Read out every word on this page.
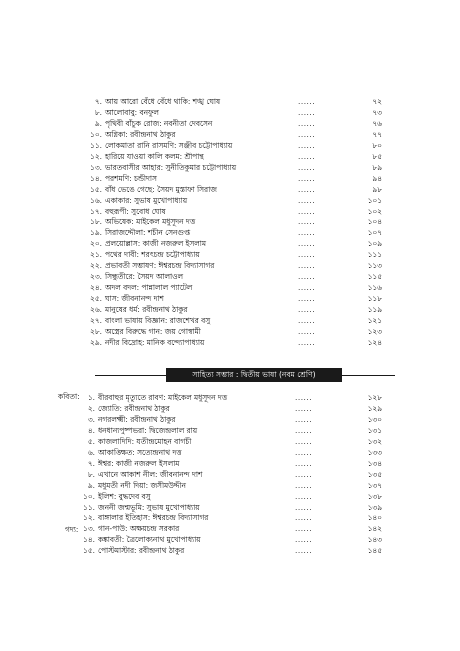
৭. আয় আরো বেঁধে বেঁধে থাকি: শঙ্খ ঘোষ	......	৭২
৮. আলোবাবু: বনফুল	......	৭৩
৯. পৃথিবী বাঁচুক রোজ: নবনীতা দেবসেন	......	৭৬
১০. অগ্নিকা: রবীন্দ্রনাথ ঠাকুর	......	৭৭
১১. লোকমাতা রানি রাসমণি: সঞ্জীব চট্টোপাধ্যায়	......	৮০
১২. হারিয়ে যাওয়া কালি কলম: শ্রীপান্থ	......	৮৫
১৩. ভারতবাসীর আহার: সুনীতিকুমার চট্টোপাধ্যায়	......	৮৯
১৪. পরশমণি: চন্ডীদাস	......	৯৪
১৫. বাঁধ ভেঙে গেছে: সৈয়দ মুস্তাফা সিরাজ	......	৯৮
১৬. একাকার: সুভাষ মুখোপাধ্যায়	......	১০১
১৭. বহুরূপী: সুবোধ ঘোষ	......	১০২
১৮. অভিষেক: মাইকেল মধুসূদন দত্ত	......	১০৪
১৯. সিরাজদ্দৌলা: শচীন সেনগুপ্ত	......	১০৭
২০. প্রলয়োল্লাস: কাজী নজরুল ইসলাম	......	১০৯
২১. পথের দাবী: শরৎচন্দ্র চট্টোপাধ্যায়	......	১১১
২২. প্রভাবতী সম্ভাষণ: ঈশ্বরচন্দ্র বিদ্যাসাগর	......	১১৩
২৩. সিন্ধুতীরে: সৈয়দ আলাওল	......	১১৫
২৪. অদল বদল: পান্নালাল প্যাটেল	......	১১৬
২৫. ঘাস: জীবনানন্দ দাশ	......	১১৮
২৬. মানুষের ধর্ম: রবীন্দ্রনাথ ঠাকুর	......	১১৯
২৭. বাংলা ভাষায় বিজ্ঞান: রাজশেখর বসু	......	১২১
২৮. অস্ত্রের বিরুদ্ধে গান: জয় গোস্বামী	......	১২৩
২৯. নদীর বিদ্রোহ: মানিক বন্দ্যোপাধ্যায়	......	১২৪
সাহিত্য সম্ভার : দ্বিতীয় ভাষা (নবম শ্রেণি)
কবিতা:
গদ্য:
১. বীরবাহুর মৃত্যুতে রাবণ: মাইকেল মধুসূদন দত্ত	......	১২৮
২. জ্যোতি: রবীন্দ্রনাথ ঠাকুর	......	১২৯
৩. নগরলক্ষ্মী: রবীন্দ্রনাথ ঠাকুর	......	১৩০
৪. ধনধান্যপুষ্পভরা: দ্বিজেন্দ্রলাল রায়	......	১৩১
৫. কাজলাদিদি: যতীন্দ্রমোহন বাগচী	......	১৩২
৬. আকাঙ্ক্ষিত: সত্যেন্দ্রনাথ দত্ত	......	১৩৩
৭. ঈশ্বর: কাজী নজরুল ইসলাম	......	১৩৪
৮. এখানে আকাশ নীল: জীবনানন্দ দাশ	......	১৩৫
৯. মধুমতী নদী দিয়া: জসীমউদ্দীন	......	১৩৭
১০. ইলিশ: বুদ্ধদেব বসু	......	১৩৮
১১. জননী জন্মভূমি: সুভাষ মুখোপাধ্যায়	......	১৩৯
১২. বাঙ্গালার ইতিহাস: ঈশ্বরচন্দ্র বিদ্যাসাগর	......	১৪০
১৩. গান-পাউ: অক্ষয়চন্দ্র সরকার	......	১৪২
১৪. কঙ্কাবতী: ত্রৈলোক্যনাথ মুখোপাধ্যায়	......	১৪৩
১৫. পোস্টমাস্টার: রবীন্দ্রনাথ ঠাকুর	......	১৪৫
